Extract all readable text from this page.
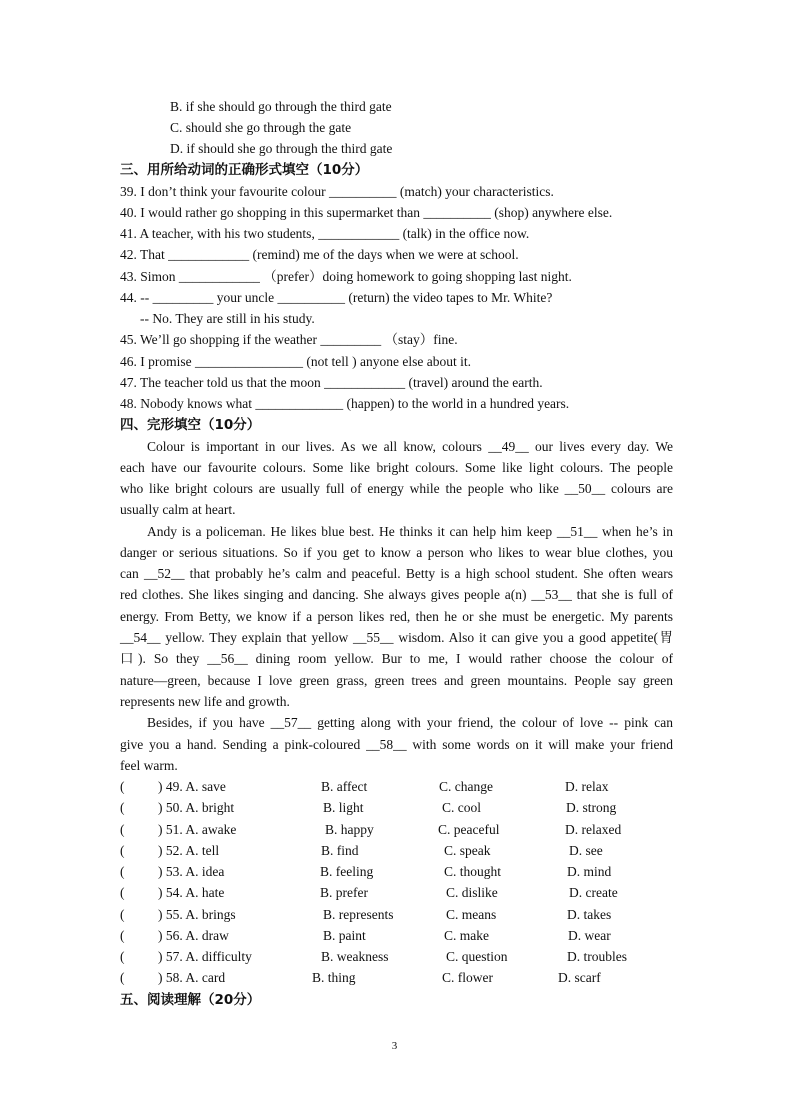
B. if she should go through the third gate
C. should she go through the gate
D. if should she go through the third gate
三、用所给动词的正确形式填空（10分）
39. I don’t think your favourite colour __________ (match) your characteristics.
40. I would rather go shopping in this supermarket than __________ (shop) anywhere else.
41. A teacher, with his two students, ____________ (talk) in the office now.
42. That ____________ (remind) me of the days when we were at school.
43. Simon ____________ （prefer）doing homework to going shopping last night.
44. -- _________ your uncle __________ (return) the video tapes to Mr. White?
-- No. They are still in his study.
45. We’ll go shopping if the weather _________ （stay）fine.
46. I promise ________________ (not tell ) anyone else about it.
47. The teacher told us that the moon ____________ (travel) around the earth.
48. Nobody knows what _____________ (happen) to the world in a hundred years.
四、完形填空（10分）
Colour is important in our lives. As we all know, colours __49__ our lives every day. We
each have our favourite colours. Some like bright colours. Some like light colours. The people
who like bright colours are usually full of energy while the people who like __50__ colours are
usually calm at heart.
Andy is a policeman. He likes blue best. He thinks it can help him keep __51__ when he’s in
danger or serious situations. So if you get to know a person who likes to wear blue clothes, you
can __52__ that probably he’s calm and peaceful. Betty is a high school student. She often wears
red clothes. She likes singing and dancing. She always gives people a(n) __53__ that she is full of
energy. From Betty, we know if a person likes red, then he or she must be energetic. My parents
__54__ yellow. They explain that yellow __55__ wisdom. Also it can give you a good appetite(胃
口). So they __56__ dining room yellow. Bur to me, I would rather choose the colour of
nature—green, because I love green grass, green trees and green mountains. People say green
represents new life and growth.
Besides, if you have __57__ getting along with your friend, the colour of love -- pink can
give you a hand. Sending a pink-coloured __58__ with some words on it will make your friend
feel warm.
( ) 49. A. save	B. affect	C. change	D. relax
( ) 50. A. bright	B. light	C. cool	D. strong
( ) 51. A. awake	B. happy	C. peaceful	D. relaxed
( ) 52. A. tell	B. find	C. speak	D. see
( ) 53. A. idea	B. feeling	C. thought	D. mind
( ) 54. A. hate	B. prefer	C. dislike	D. create
( ) 55. A. brings	B. represents	C. means	D. takes
( ) 56. A. draw	B. paint	C. make	D. wear
( ) 57. A. difficulty	B. weakness	C. question	D. troubles
( ) 58. A. card	B. thing	C. flower	D. scarf
五、阅读理解（20分）
3
